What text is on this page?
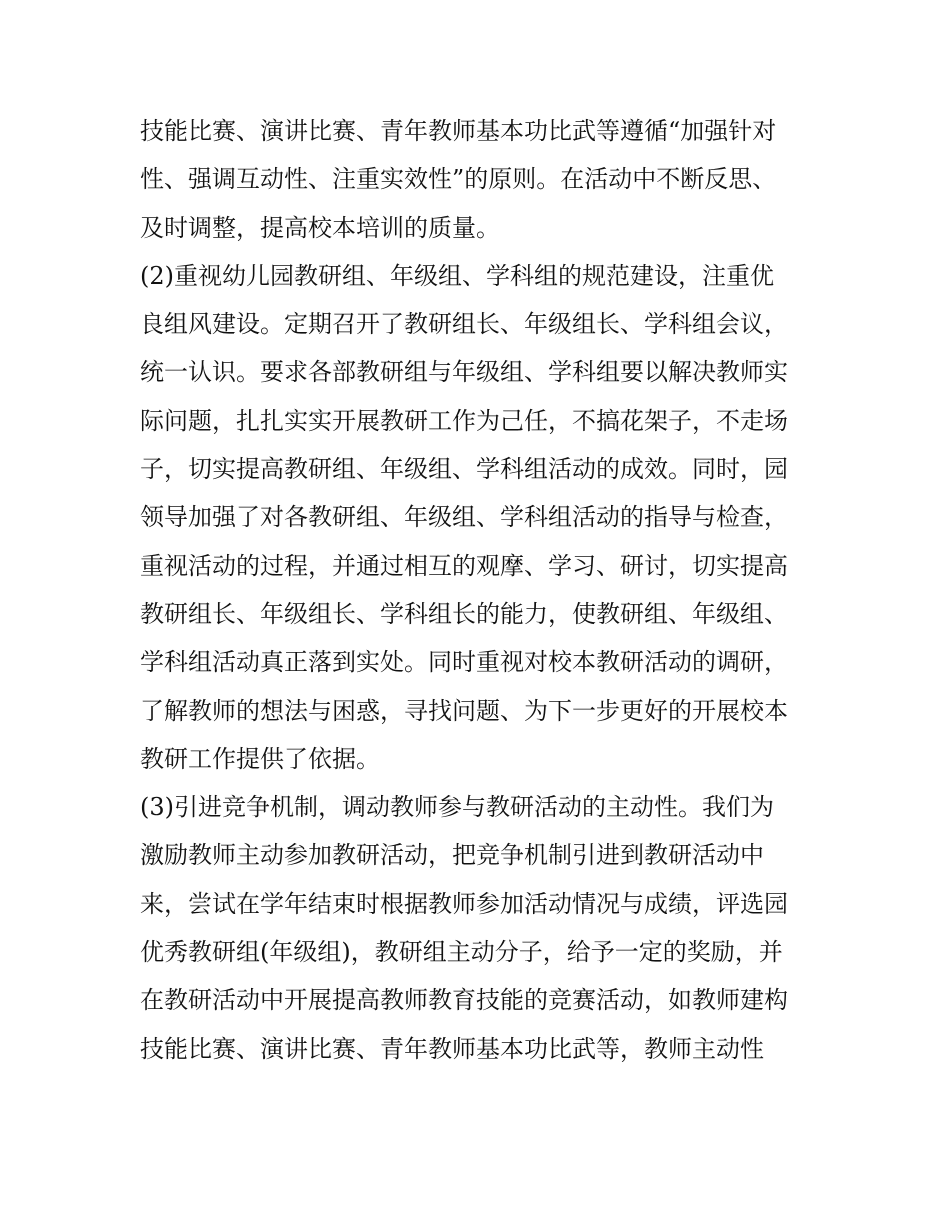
技能比赛、演讲比赛、青年教师基本功比武等遵循“加强针对
性、强调互动性、注重实效性”的原则。在活动中不断反思、
及时调整，提高校本培训的质量。
(2)重视幼儿园教研组、年级组、学科组的规范建设，注重优
良组风建设。定期召开了教研组长、年级组长、学科组会议，
统一认识。要求各部教研组与年级组、学科组要以解决教师实
际问题，扎扎实实开展教研工作为己任，不搞花架子，不走场
子，切实提高教研组、年级组、学科组活动的成效。同时，园
领导加强了对各教研组、年级组、学科组活动的指导与检查，
重视活动的过程，并通过相互的观摩、学习、研讨，切实提高
教研组长、年级组长、学科组长的能力，使教研组、年级组、
学科组活动真正落到实处。同时重视对校本教研活动的调研，
了解教师的想法与困惑，寻找问题、为下一步更好的开展校本
教研工作提供了依据。
(3)引进竞争机制，调动教师参与教研活动的主动性。我们为
激励教师主动参加教研活动，把竞争机制引进到教研活动中
来，尝试在学年结束时根据教师参加活动情况与成绩，评选园
优秀教研组(年级组)，教研组主动分子，给予一定的奖励，并
在教研活动中开展提高教师教育技能的竞赛活动，如教师建构
技能比赛、演讲比赛、青年教师基本功比武等，教师主动性
